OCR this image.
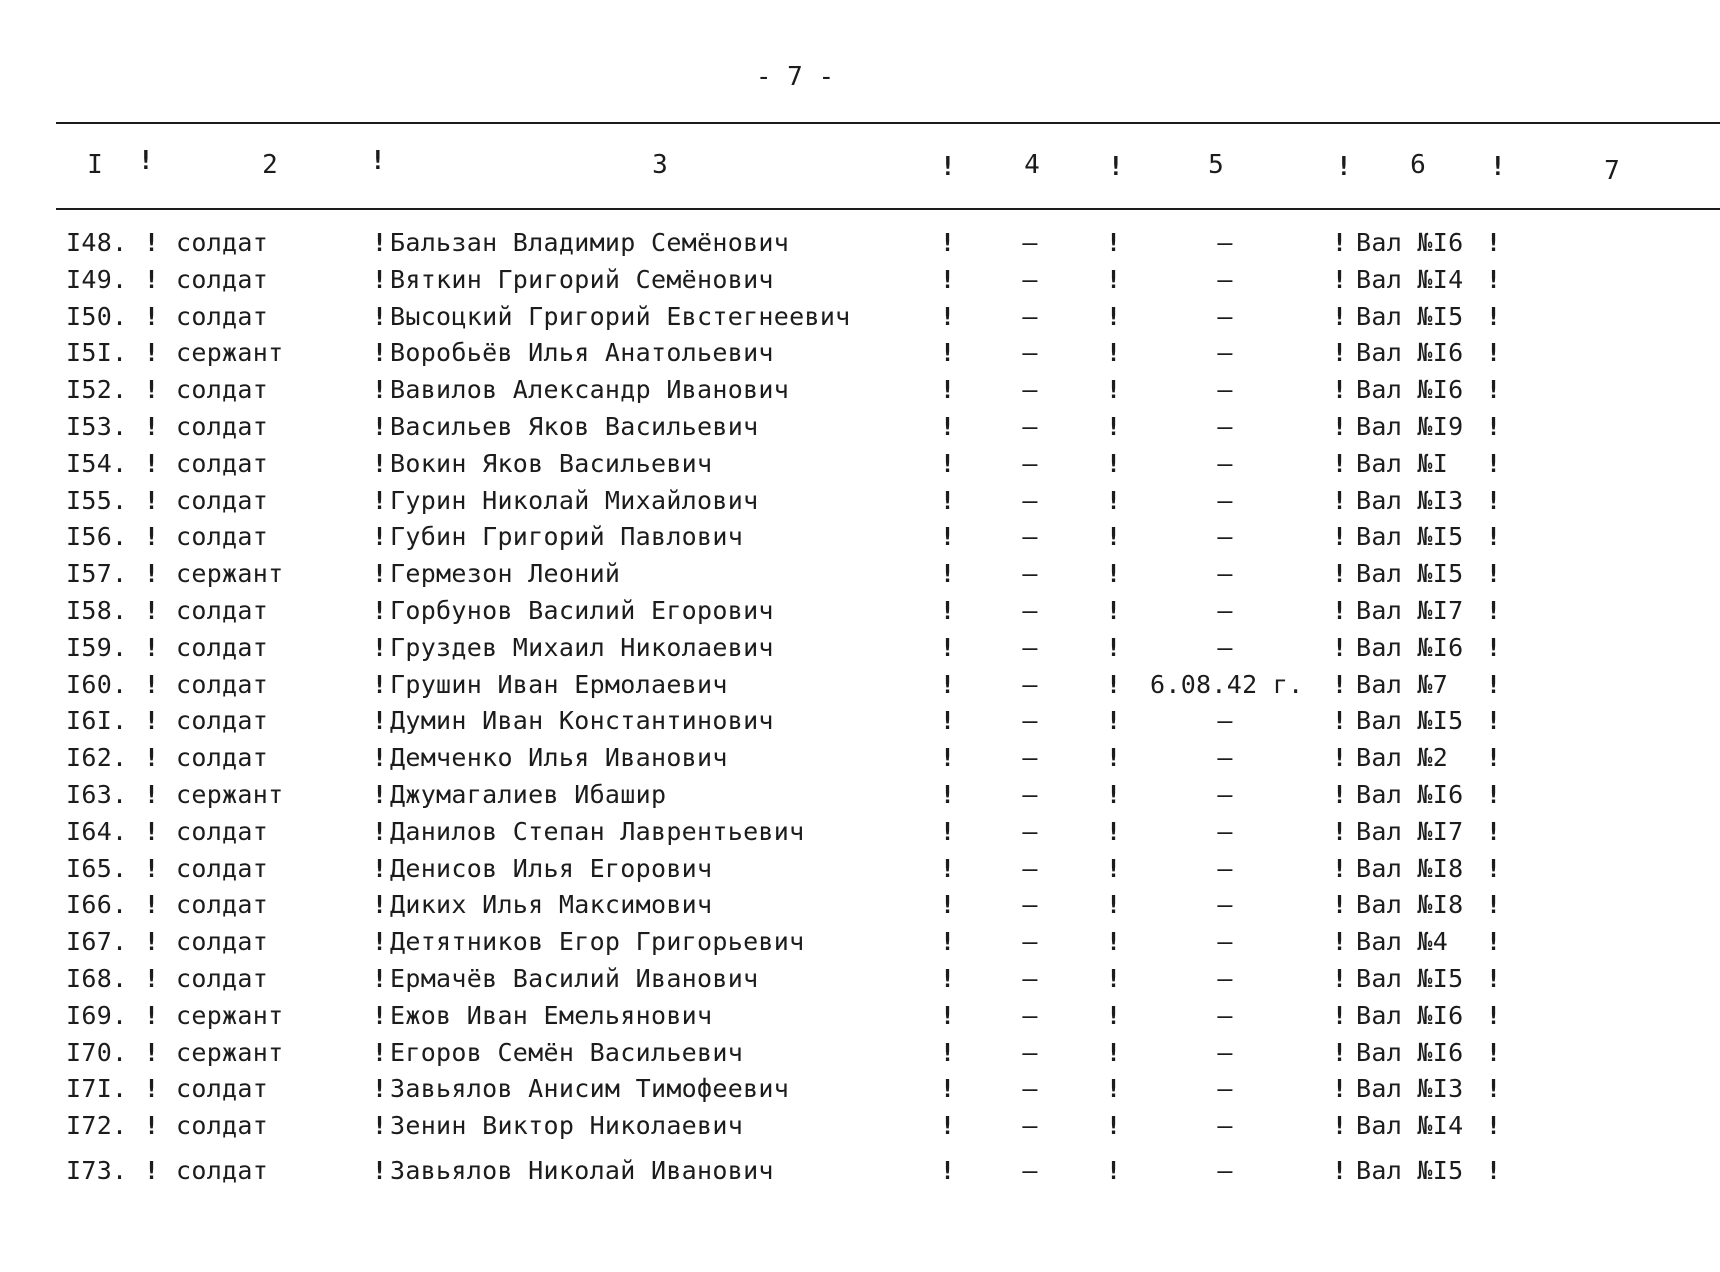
- 7 -
I !	2	!	3	!	4	!	5	!	6	!	7
I48. ! солдат	! Бальзан Владимир Семёнович	!	–	!	–	! Вал №I6 !
I49. ! солдат	! Вяткин Григорий Семёнович	!	–	!	–	! Вал №I4 !
I50. ! солдат	! Высоцкий Григорий Евстегнеевич	!	–	!	–	! Вал №I5 !
I5I. ! сержант	! Воробьёв Илья Анатольевич	!	–	!	–	! Вал №I6 !
I52. ! солдат	! Вавилов Александр Иванович	!	–	!	–	! Вал №I6 !
I53. ! солдат	! Васильев Яков Васильевич	!	–	!	–	! Вал №I9 !
I54. ! солдат	! Вокин Яков Васильевич	!	–	!	–	! Вал №I !
I55. ! солдат	! Гурин Николай Михайлович	!	–	!	–	! Вал №I3 !
I56. ! солдат	! Губин Григорий Павлович	!	–	!	–	! Вал №I5 !
I57. ! сержант	! Гермезон Леоний	!	–	!	–	! Вал №I5 !
I58. ! солдат	! Горбунов Василий Егорович	!	–	!	–	! Вал №I7 !
I59. ! солдат	! Груздев Михаил Николаевич	!	–	!	–	! Вал №I6 !
I60. ! солдат	! Грушин Иван Ермолаевич	!	–	! 6.08.42 г. ! Вал №7 !
I6I. ! солдат	! Думин Иван Константинович	!	–	!	–	! Вал №I5 !
I62. ! солдат	! Демченко Илья Иванович	!	–	!	–	! Вал №2 !
I63. ! сержант	! Джумагалиев Ибашир	!	–	!	–	! Вал №I6 !
I64. ! солдат	! Данилов Степан Лаврентьевич	!	–	!	–	! Вал №I7 !
I65. ! солдат	! Денисов Илья Егорович	!	–	!	–	! Вал №I8 !
I66. ! солдат	! Диких Илья Максимович	!	–	!	–	! Вал №I8 !
I67. ! солдат	! Детятников Егор Григорьевич	!	–	!	–	! Вал №4 !
I68. ! солдат	! Ермачёв Василий Иванович	!	–	!	–	! Вал №I5 !
I69. ! сержант	! Ежов Иван Емельянович	!	–	!	–	! Вал №I6 !
I70. ! сержант	! Егоров Семён Васильевич	!	–	!	–	! Вал №I6 !
I7I. ! солдат	! Завьялов Анисим Тимофеевич	!	–	!	–	! Вал №I3 !
I72. ! солдат	! Зенин Виктор Николаевич	!	–	!	–	! Вал №I4 !
I73. ! солдат	! Завьялов Николай Иванович	!	–	!	–	! Вал №I5 !
